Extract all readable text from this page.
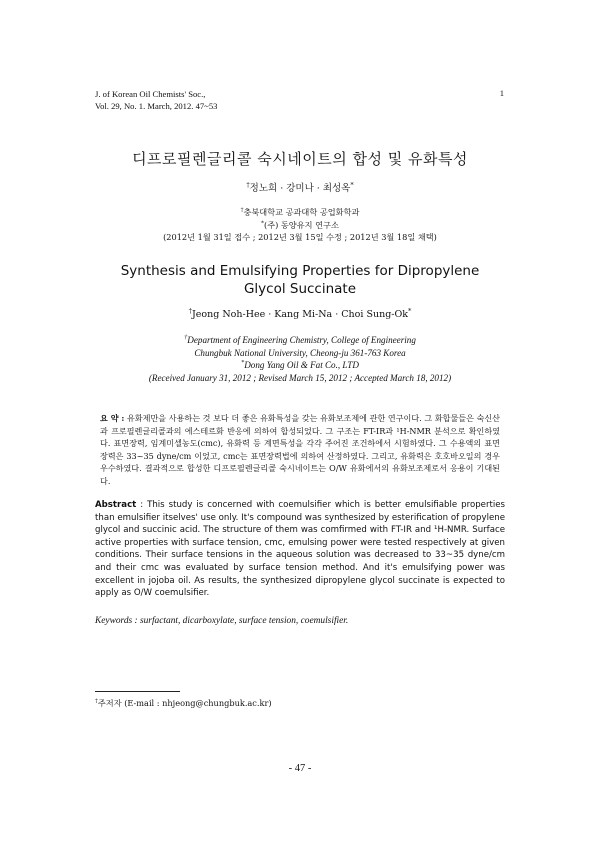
J. of Korean Oil Chemists' Soc.,
Vol. 29, No. 1. March, 2012. 47~53
1
디프로필렌글리콜 숙시네이트의 합성 및 유화특성
†정노희 · 강미나 · 최성옥*
†충북대학교 공과대학 공업화학과
*(주) 동양유지 연구소
(2012년 1월 31일 접수 ; 2012년 3월 15일 수정 ; 2012년 3월 18일 채택)
Synthesis and Emulsifying Properties for Dipropylene
Glycol Succinate
†Jeong Noh-Hee · Kang Mi-Na · Choi Sung-Ok*
†Department of Engineering Chemistry, College of Engineering
Chungbuk National University, Cheong-ju 361-763 Korea
*Dong Yang Oil & Fat Co., LTD
(Received January 31, 2012 ; Revised March 15, 2012 ; Accepted March 18, 2012)
요 약 : 유화제만을 사용하는 것 보다 더 좋은 유화특성을 갖는 유화보조제에 관한 연구이다. 그 화합물들은 숙신산과 프로필렌글리콜과의 에스테르화 반응에 의하여 합성되었다. 그 구조는 FT-IR과 ¹H-NMR 분석으로 확인하였다. 표면장력, 임계미셀농도(cmc), 유화력 등 계면특성을 각각 주어진 조건하에서 시험하였다. 그 수용액의 표면장력은 33~35 dyne/cm 이었고, cmc는 표면장력법에 의하여 산정하였다. 그리고, 유화력은 호호바오일의 경우 우수하였다. 결과적으로 합성한 디프로필렌글리콜 숙시네이트는 O/W 유화에서의 유화보조제로서 응용이 기대된다.
Abstract : This study is concerned with coemulsifier which is better emulsifiable properties than emulsifier itselves' use only. It's compound was synthesized by esterification of propylene glycol and succinic acid. The structure of them was comfirmed with FT-IR and ¹H-NMR. Surface active properties with surface tension, cmc, emulsing power were tested respectively at given conditions. Their surface tensions in the aqueous solution was decreased to 33~35 dyne/cm and their cmc was evaluated by surface tension method. And it's emulsifying power was excellent in jojoba oil. As results, the synthesized dipropylene glycol succinate is expected to apply as O/W coemulsifier.
Keywords : surfactant, dicarboxylate, surface tension, coemulsifier.
†주저자 (E-mail : nhjeong@chungbuk.ac.kr)
- 47 -
